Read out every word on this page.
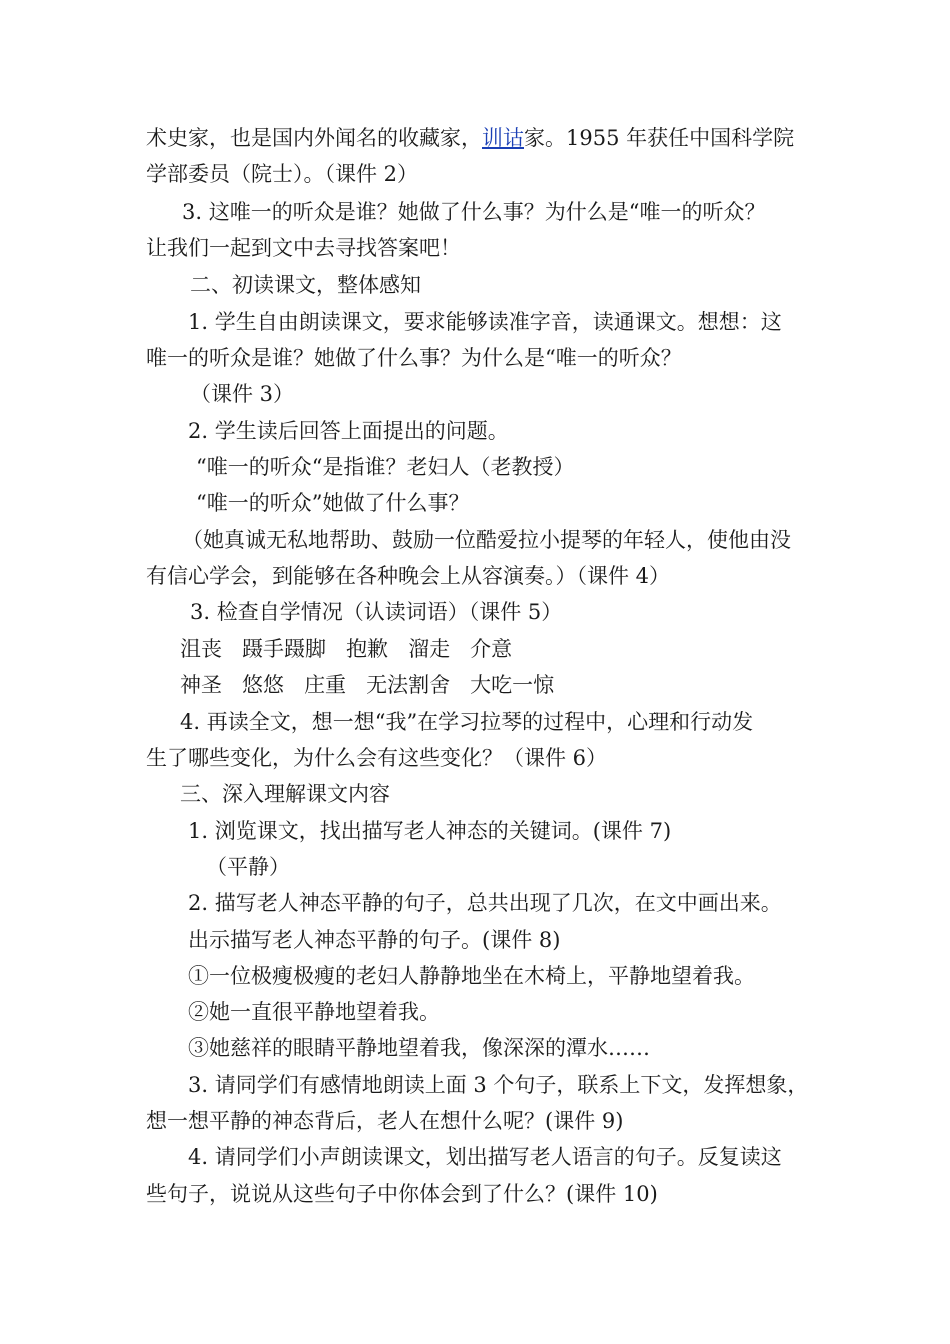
术史家，也是国内外闻名的收藏家，训诂家。1955 年获任中国科学院
学部委员（院士）。（课件 2）
3. 这唯一的听众是谁？她做了什么事？为什么是“唯一的听众？
让我们一起到文中去寻找答案吧！
二、初读课文，整体感知
1. 学生自由朗读课文，要求能够读准字音，读通课文。想想：这
唯一的听众是谁？她做了什么事？为什么是“唯一的听众？
（课件 3）
2. 学生读后回答上面提出的问题。
“唯一的听众“是指谁？老妇人（老教授）
“唯一的听众”她做了什么事？
（她真诚无私地帮助、鼓励一位酷爱拉小提琴的年轻人，使他由没
有信心学会，到能够在各种晚会上从容演奏。）（课件 4）
3. 检查自学情况（认读词语）（课件 5）
沮丧 蹑手蹑脚 抱歉 溜走 介意
神圣 悠悠 庄重 无法割舍 大吃一惊
4. 再读全文，想一想“我”在学习拉琴的过程中，心理和行动发
生了哪些变化，为什么会有这些变化？（课件 6）
三、深入理解课文内容
1. 浏览课文，找出描写老人神态的关键词。(课件 7)
（平静）
2. 描写老人神态平静的句子，总共出现了几次，在文中画出来。
出示描写老人神态平静的句子。(课件 8)
①一位极瘦极瘦的老妇人静静地坐在木椅上，平静地望着我。
②她一直很平静地望着我。
③她慈祥的眼睛平静地望着我，像深深的潭水……
3. 请同学们有感情地朗读上面 3 个句子，联系上下文，发挥想象，
想一想平静的神态背后，老人在想什么呢？(课件 9)
4. 请同学们小声朗读课文，划出描写老人语言的句子。反复读这
些句子，说说从这些句子中你体会到了什么？(课件 10)
